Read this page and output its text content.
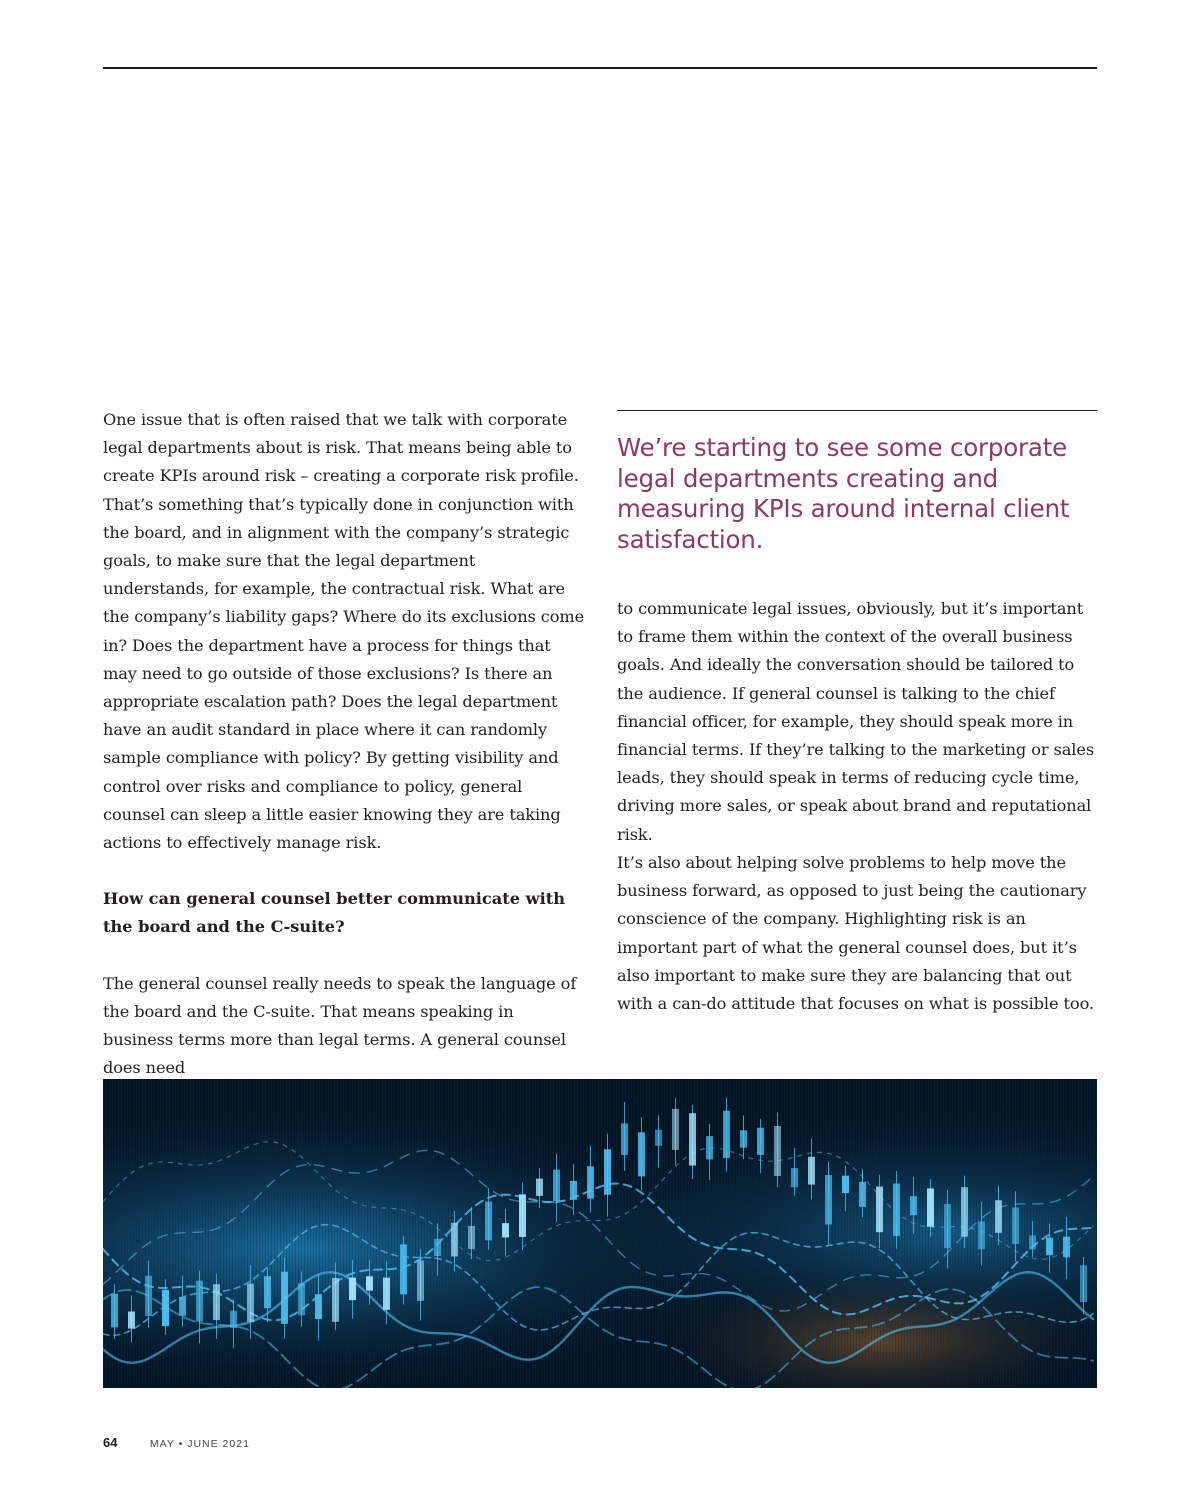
One issue that is often raised that we talk with corporate legal departments about is risk. That means being able to create KPIs around risk – creating a corporate risk profile. That’s something that’s typically done in conjunction with the board, and in alignment with the company’s strategic goals, to make sure that the legal department understands, for example, the contractual risk. What are the company’s liability gaps? Where do its exclusions come in? Does the department have a process for things that may need to go outside of those exclusions? Is there an appropriate escalation path? Does the legal department have an audit standard in place where it can randomly sample compliance with policy? By getting visibility and control over risks and compliance to policy, general counsel can sleep a little easier knowing they are taking actions to effectively manage risk.

How can general counsel better communicate with the board and the C-suite?

The general counsel really needs to speak the language of the board and the C-suite. That means speaking in business terms more than legal terms. A general counsel does need

We’re starting to see some corporate legal departments creating and measuring KPIs around internal client satisfaction.

to communicate legal issues, obviously, but it’s important to frame them within the context of the overall business goals. And ideally the conversation should be tailored to the audience. If general counsel is talking to the chief financial officer, for example, they should speak more in financial terms. If they’re talking to the marketing or sales leads, they should speak in terms of reducing cycle time, driving more sales, or speak about brand and reputational risk.

It’s also about helping solve problems to help move the business forward, as opposed to just being the cautionary conscience of the company. Highlighting risk is an important part of what the general counsel does, but it’s also important to make sure they are balancing that out with a can-do attitude that focuses on what is possible too.

64	MAY • JUNE 2021
